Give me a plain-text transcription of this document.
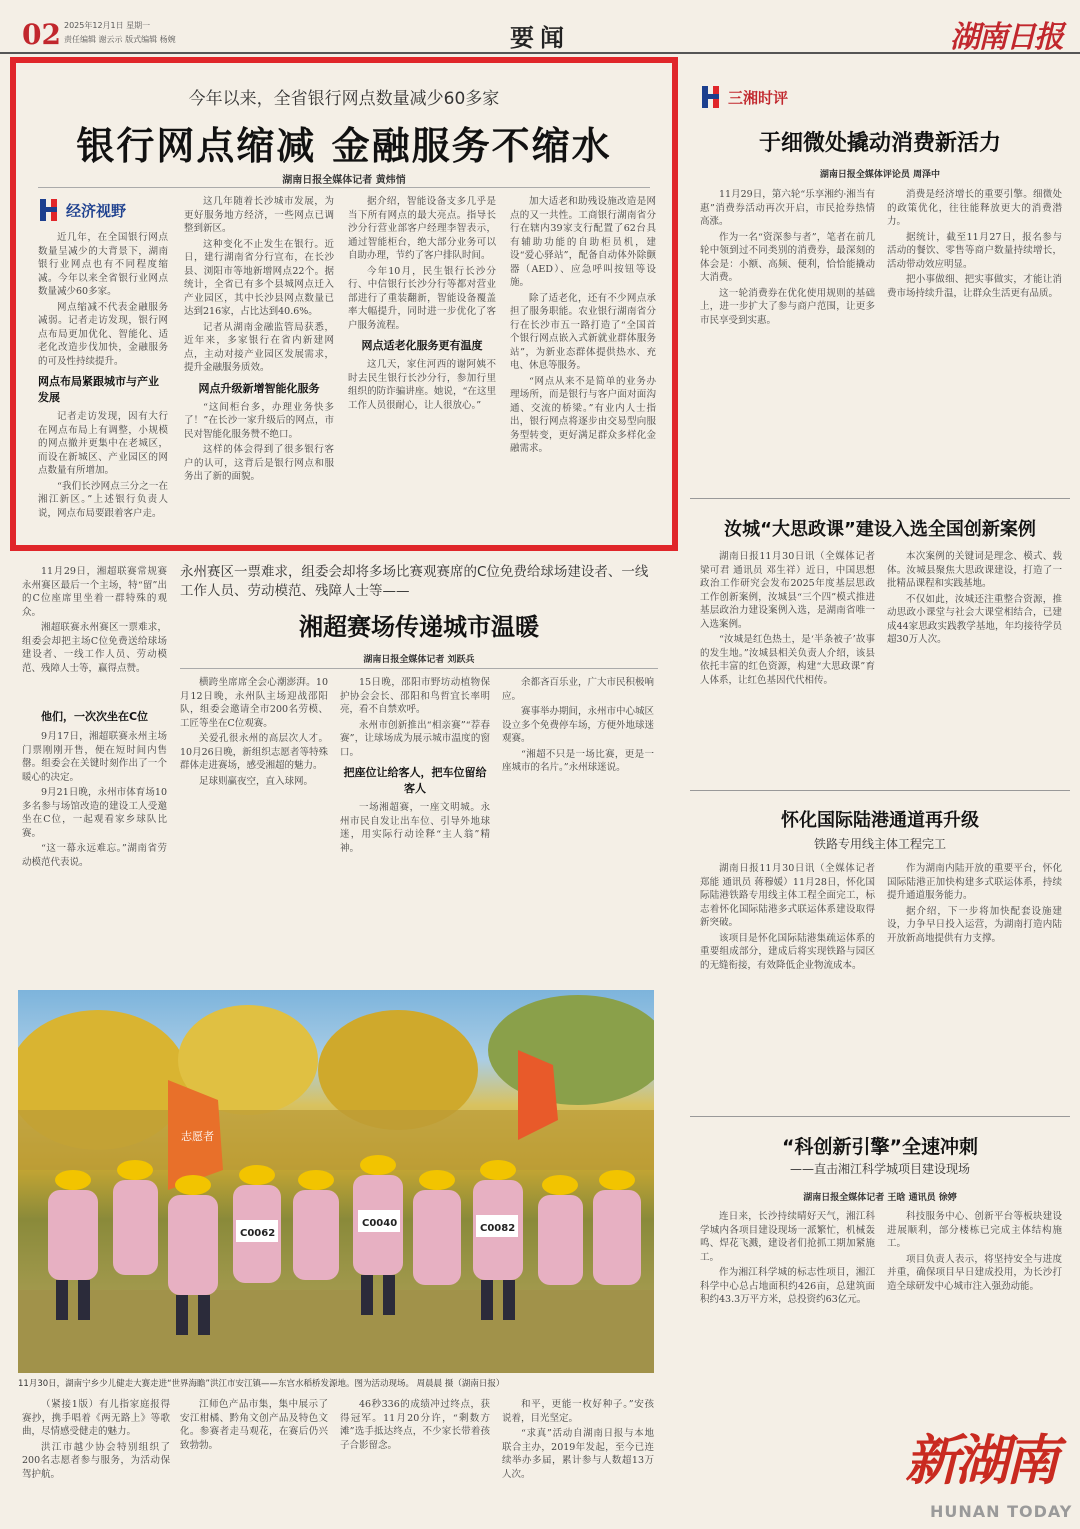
02 2025年12月1日 星期一
责任编辑 谢云示 版式编辑 杨婉	要闻	湖南日报
今年以来，全省银行网点数量减少60多家
银行网点缩减 金融服务不缩水
湖南日报全媒体记者 黄炜悄
经济视野

近几年，在全国银行网点数量呈减少的大背景下，湖南银行业网点也有不同程度缩减。今年以来全省银行业网点数量减少60多家。

网点缩减不代表金融服务减弱。记者走访发现，银行网点布局更加优化、智能化、适老化改造步伐加快，金融服务的可及性持续提升。

网点布局紧跟城市与产业发展

记者走访发现，因有大行在网点布局上有调整，小规模的网点撤并更集中在老城区，而设在新城区、产业园区的网点数量有所增加。

“我们长沙网点三分之一在湘江新区。”上述银行负责人说，网点布局要跟着客户走。

这几年随着长沙城市发展，为更好服务地方经济，一些网点已调整到新区。

这种变化不止发生在银行。近日，建行湖南省分行宣布，在长沙县、浏阳市等地新增网点22个。据统计，全省已有多个县城网点迁入产业园区，其中长沙县网点数量已达到216家，占比达到40.6%。

记者从湖南金融监管局获悉，近年来，多家银行在省内新建网点，主动对接产业园区发展需求，提升金融服务质效。

网点升级新增智能化服务

“这间柜台多，办理业务快多了！”在长沙一家升级后的网点，市民对智能化服务赞不绝口。

这样的体会得到了很多银行客户的认可，这背后是银行网点和服务出了新的面貌。

据介绍，智能设备支多几乎是当下所有网点的最大亮点。指导长沙分行营业部客户经理李智表示，通过智能柜台，绝大部分业务可以自助办理，节约了客户排队时间。

今年10月，民生银行长沙分行、中信银行长沙分行等都对营业部进行了重装翻新，智能设备覆盖率大幅提升，同时进一步优化了客户服务流程。

网点适老化服务更有温度

这几天，家住河西的谢阿姨不时去民生银行长沙分行，参加行里组织的防诈骗讲座。她说，“在这里工作人员很耐心，让人很放心。”

加大适老和助残设施改造是网点的又一共性。工商银行湖南省分行在辖内39家支行配置了62台具有辅助功能的自助柜员机，建设“爱心驿站”，配备自动体外除颤器（AED）、应急呼叫按钮等设施。

除了适老化，还有不少网点承担了服务职能。农业银行湖南省分行在长沙市五一路打造了“全国首个银行网点嵌入式新就业群体服务站”，为新业态群体提供热水、充电、休息等服务。

“网点从来不是简单的业务办理场所，而是银行与客户面对面沟通、交流的桥梁。”有业内人士指出，银行网点将逐步由交易型向服务型转变，更好满足群众多样化金融需求。

三湘时评
于细微处撬动消费新活力
湖南日报全媒体评论员 周泽中

11月29日，第六轮“乐享湘约·湘当有惠”消费券活动再次开启，市民抢券热情高涨。

作为一名“资深参与者”，笔者在前几轮中领到过不同类别的消费券，最深刻的体会是：小额、高频、便利，恰恰能撬动大消费。

这一轮消费券在优化使用规则的基础上，进一步扩大了参与商户范围，让更多市民享受到实惠。

消费是经济增长的重要引擎。细微处的政策优化，往往能释放更大的消费潜力。

据统计，截至11月27日，报名参与活动的餐饮、零售等商户数量持续增长，活动带动效应明显。

把小事做细、把实事做实，才能让消费市场持续升温，让群众生活更有品质。

汝城“大思政课”建设入选全国创新案例

湖南日报11月30日讯（全媒体记者 梁可君 通讯员 邓生祥）近日，中国思想政治工作研究会发布2025年度基层思政工作创新案例，汝城县“三个四”模式推进基层政治力建设案例入选，是湖南省唯一入选案例。

“汝城是红色热土，是‘半条被子’故事的发生地。”汝城县相关负责人介绍，该县依托丰富的红色资源，构建“大思政课”育人体系，让红色基因代代相传。

本次案例的关键词是理念、模式、载体。汝城县聚焦大思政课建设，打造了一批精品课程和实践基地。

不仅如此，汝城还注重整合资源，推动思政小课堂与社会大课堂相结合，已建成44家思政实践教学基地，年均接待学员超30万人次。

怀化国际陆港通道再升级
铁路专用线主体工程完工

湖南日报11月30日讯（全媒体记者 郑能 通讯员 蒋穆媛）11月28日，怀化国际陆港铁路专用线主体工程全面完工，标志着怀化国际陆港多式联运体系建设取得新突破。

该项目是怀化国际陆港集疏运体系的重要组成部分，建成后将实现铁路与园区的无缝衔接，有效降低企业物流成本。

作为湖南内陆开放的重要平台，怀化国际陆港正加快构建多式联运体系，持续提升通道服务能力。

据介绍，下一步将加快配套设施建设，力争早日投入运营，为湖南打造内陆开放新高地提供有力支撑。

“科创新引擎”全速冲刺
——直击湘江科学城项目建设现场
湖南日报全媒体记者 王晗 通讯员 徐婷

连日来，长沙持续晴好天气，湘江科学城内各项目建设现场一派繁忙，机械轰鸣、焊花飞溅，建设者们抢抓工期加紧施工。

作为湘江科学城的标志性项目，湘江科学中心总占地面积约426亩，总建筑面积约43.3万平方米，总投资约63亿元。

科技服务中心、创新平台等板块建设进展顺利，部分楼栋已完成主体结构施工。

项目负责人表示，将坚持安全与进度并重，确保项目早日建成投用，为长沙打造全球研发中心城市注入强劲动能。

11月29日，湘超联赛常规赛永州赛区最后一个主场，特“留”出的C位座席里坐着一群特殊的观众。

湘超联赛永州赛区一票难求，组委会却把主场C位免费送给球场建设者、一线工作人员、劳动模范、残障人士等，赢得点赞。

他们，一次次坐在C位

9月17日，湘超联赛永州主场门票刚刚开售，便在短时间内售罄。组委会在关键时刻作出了一个暖心的决定。

9月21日晚，永州市体育场10多名参与场馆改造的建设工人受邀坐在C位，一起观看家乡球队比赛。

“这一幕永远难忘。”湖南省劳动模范代表说。

永州赛区一票难求，组委会却将多场比赛观赛席的C位免费给球场建设者、一线工作人员、劳动模范、残障人士等——
湘超赛场传递城市温暖
湖南日报全媒体记者 刘跃兵

横跨坐席席全会心潮澎湃。10月12日晚，永州队主场迎战邵阳队，组委会邀请全市200名劳模、工匠等坐在C位观赛。

关爱孔很永州的高层次人才。10月26日晚，新组织志愿者等特殊群体走进赛场，感受湘超的魅力。

足球则赢夜空，直入球网。

15日晚，邵阳市野坊动植物保护协会会长、邵阳和鸟哲宜长率明亮，看不自禁欢呼。

永州市创新推出“相亲赛”“荐春赛”，让球场成为展示城市温度的窗口。

把座位让给客人，把车位留给客人

一场湘超赛，一座文明城。永州市民自发让出车位、引导外地球迷，用实际行动诠释“主人翁”精神。

余都吝百乐业，广大市民积极响应。

赛事举办期间，永州市中心城区设立多个免费停车场，方便外地球迷观赛。

“湘超不只是一场比赛，更是一座城市的名片。”永州球迷说。

志愿者
C0040	C0082
C0062
11月30日，湖南宁乡少儿健走大赛走进“世界海瞻”洪江市安江镇——东宫水稻桥发源地。图为活动现场。 周晨晨 摄（湖南日报）

（紧接1版）有儿指家庭报得赛抄，携手唱着《两无路上》等歌曲，尽情感受健走的魅力。

洪江市越少协会特别组织了200名志愿者参与服务，为活动保驾护航。

江师色产品市集，集中展示了安江柑橘、黔角文创产品及特色文化。参赛者走马观花，在赛后仍兴致勃勃。

46秒336的成绩冲过终点，获得冠军。11月20分许，“剩数方滩”选手抵达终点，不少家长带着孩子合影留念。

和平，更能一枚好种子。”安孩说着，目光坚定。

“求真”活动自湖南日报与本地联合主办，2019年发起，至今已连续举办多届，累计参与人数超13万人次。	新湖南
HUNAN TODAY
